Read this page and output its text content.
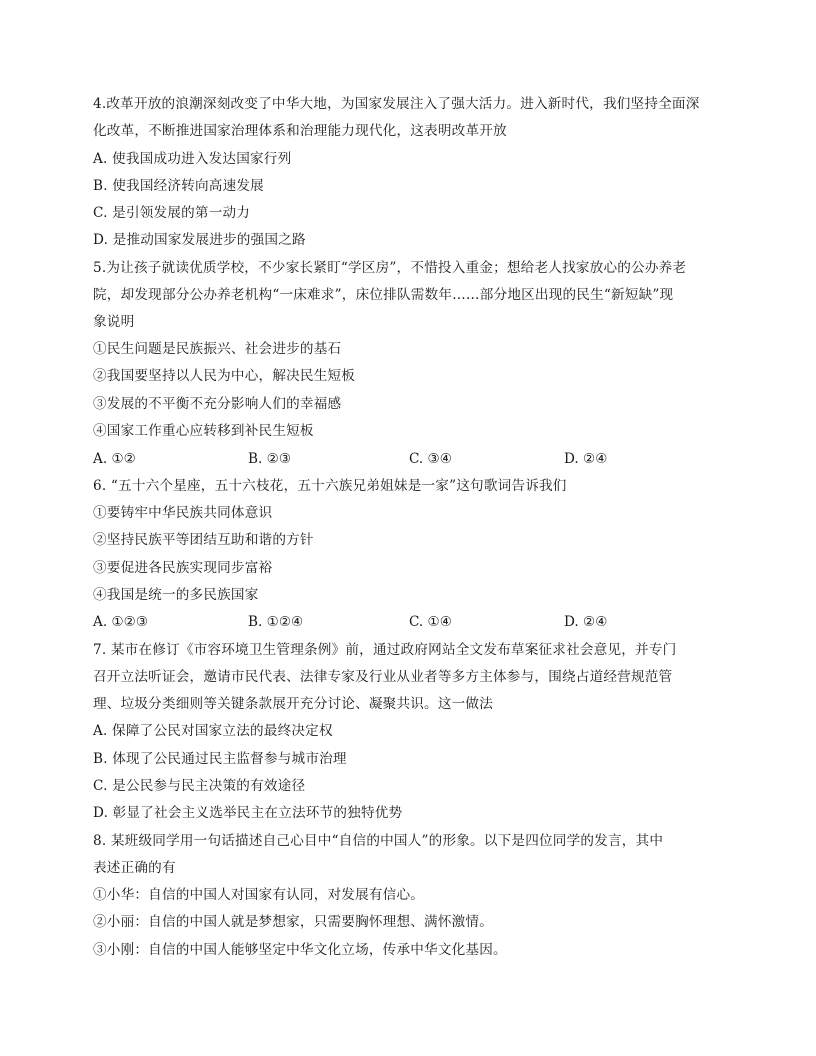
4.改革开放的浪潮深刻改变了中华大地，为国家发展注入了强大活力。进入新时代，我们坚持全面深
化改革，不断推进国家治理体系和治理能力现代化，这表明改革开放
A. 使我国成功进入发达国家行列
B. 使我国经济转向高速发展
C. 是引领发展的第一动力
D. 是推动国家发展进步的强国之路
5.为让孩子就读优质学校，不少家长紧盯“学区房”，不惜投入重金；想给老人找家放心的公办养老
院，却发现部分公办养老机构“一床难求”，床位排队需数年……部分地区出现的民生“新短缺”现
象说明
①民生问题是民族振兴、社会进步的基石
②我国要坚持以人民为中心，解决民生短板
③发展的不平衡不充分影响人们的幸福感
④国家工作重心应转移到补民生短板
A. ①②	B. ②③	C. ③④	D. ②④
6. “五十六个星座，五十六枝花，五十六族兄弟姐妹是一家”这句歌词告诉我们
①要铸牢中华民族共同体意识
②坚持民族平等团结互助和谐的方针
③要促进各民族实现同步富裕
④我国是统一的多民族国家
A. ①②③	B. ①②④	C. ①④	D. ②④
7. 某市在修订《市容环境卫生管理条例》前，通过政府网站全文发布草案征求社会意见，并专门
召开立法听证会，邀请市民代表、法律专家及行业从业者等多方主体参与，围绕占道经营规范管
理、垃圾分类细则等关键条款展开充分讨论、凝聚共识。这一做法
A. 保障了公民对国家立法的最终决定权
B. 体现了公民通过民主监督参与城市治理
C. 是公民参与民主决策的有效途径
D. 彰显了社会主义选举民主在立法环节的独特优势
8. 某班级同学用一句话描述自己心目中“自信的中国人”的形象。以下是四位同学的发言，其中
表述正确的有
①小华：自信的中国人对国家有认同，对发展有信心。
②小丽：自信的中国人就是梦想家，只需要胸怀理想、满怀激情。
③小刚：自信的中国人能够坚定中华文化立场，传承中华文化基因。
